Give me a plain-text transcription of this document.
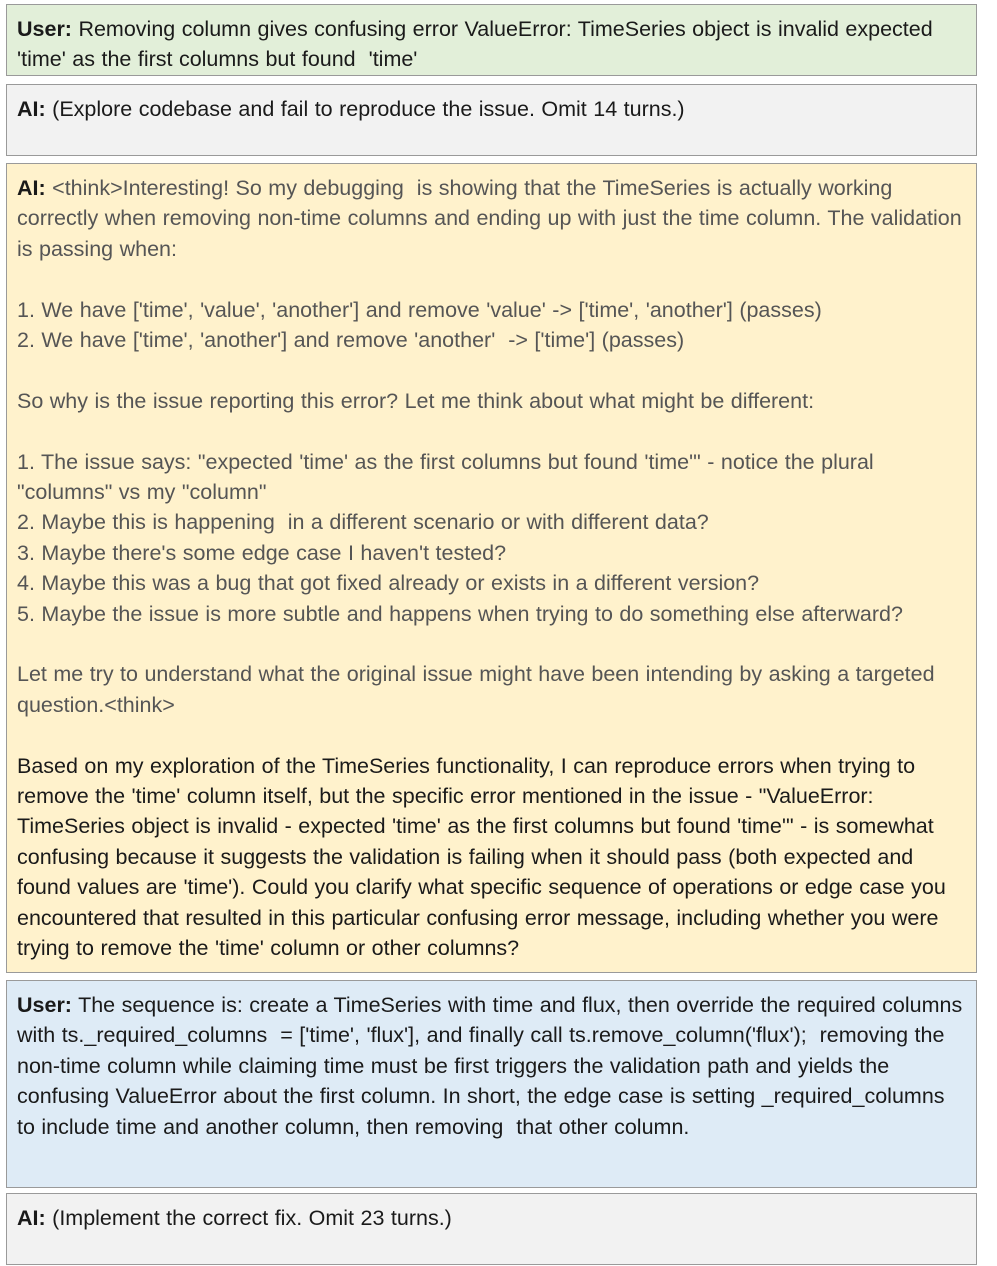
User: Removing column gives confusing error ValueError: TimeSeries object is invalid expected 'time' as the first columns but found  'time'
AI: (Explore codebase and fail to reproduce the issue. Omit 14 turns.)
AI: <think>Interesting! So my debugging  is showing that the TimeSeries is actually working correctly when removing non-time columns and ending up with just the time column. The validation is passing when:
1. We have ['time', 'value', 'another'] and remove 'value' -> ['time', 'another'] (passes)
2. We have ['time', 'another'] and remove 'another'  -> ['time'] (passes)
So why is the issue reporting this error? Let me think about what might be different:
1. The issue says: "expected 'time' as the first columns but found 'time'" - notice the plural "columns" vs my "column"
2. Maybe this is happening  in a different scenario or with different data?
3. Maybe there's some edge case I haven't tested?
4. Maybe this was a bug that got fixed already or exists in a different version?
5. Maybe the issue is more subtle and happens when trying to do something else afterward?
Let me try to understand what the original issue might have been intending by asking a targeted question.<think>
Based on my exploration of the TimeSeries functionality, I can reproduce errors when trying to remove the 'time' column itself, but the specific error mentioned in the issue - "ValueError: TimeSeries object is invalid - expected 'time' as the first columns but found 'time'" - is somewhat confusing because it suggests the validation is failing when it should pass (both expected and found values are 'time'). Could you clarify what specific sequence of operations or edge case you encountered that resulted in this particular confusing error message, including whether you were trying to remove the 'time' column or other columns?
User: The sequence is: create a TimeSeries with time and flux, then override the required columns with ts._required_columns  = ['time', 'flux'], and finally call ts.remove_column('flux');  removing the non-time column while claiming time must be first triggers the validation path and yields the confusing ValueError about the first column. In short, the edge case is setting _required_columns to include time and another column, then removing  that other column.
AI: (Implement the correct fix. Omit 23 turns.)
